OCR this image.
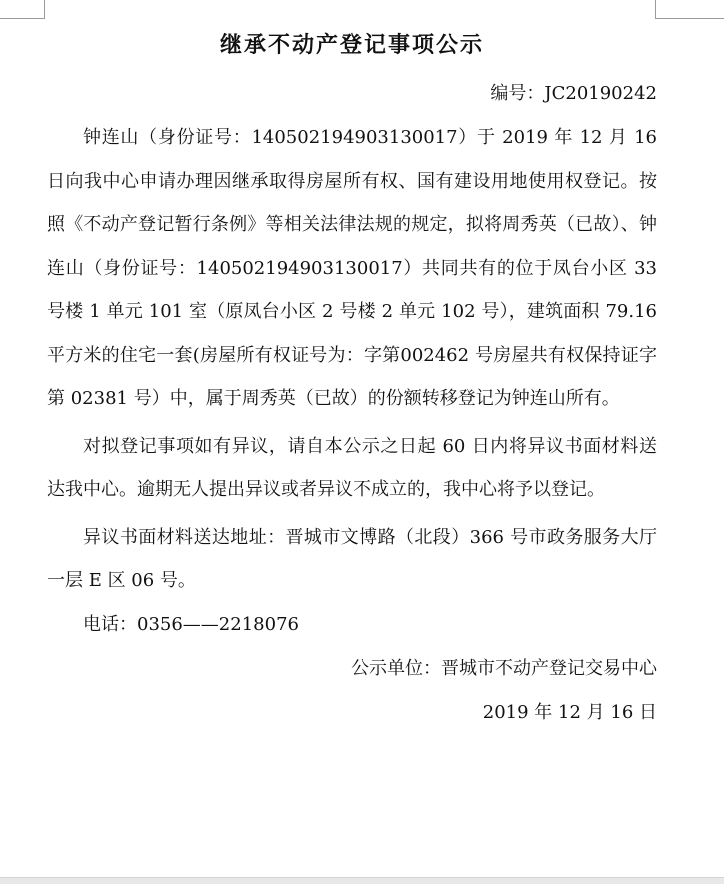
继承不动产登记事项公示

编号：JC20190242

钟连山（身份证号：140502194903130017）于 2019 年 12 月 16 日向我中心申请办理因继承取得房屋所有权、国有建设用地使用权登记。按照《不动产登记暂行条例》等相关法律法规的规定，拟将周秀英（已故）、钟连山（身份证号：140502194903130017）共同共有的位于凤台小区 33 号楼 1 单元 101 室（原凤台小区 2 号楼 2 单元 102 号），建筑面积 79.16 平方米的住宅一套(房屋所有权证号为：字第002462 号房屋共有权保持证字第 02381 号）中，属于周秀英（已故）的份额转移登记为钟连山所有。

对拟登记事项如有异议，请自本公示之日起 60 日内将异议书面材料送达我中心。逾期无人提出异议或者异议不成立的，我中心将予以登记。

异议书面材料送达地址：晋城市文博路（北段）366 号市政务服务大厅一层 E 区 06 号。

电话：0356——2218076

公示单位：晋城市不动产登记交易中心

2019 年 12 月 16 日
